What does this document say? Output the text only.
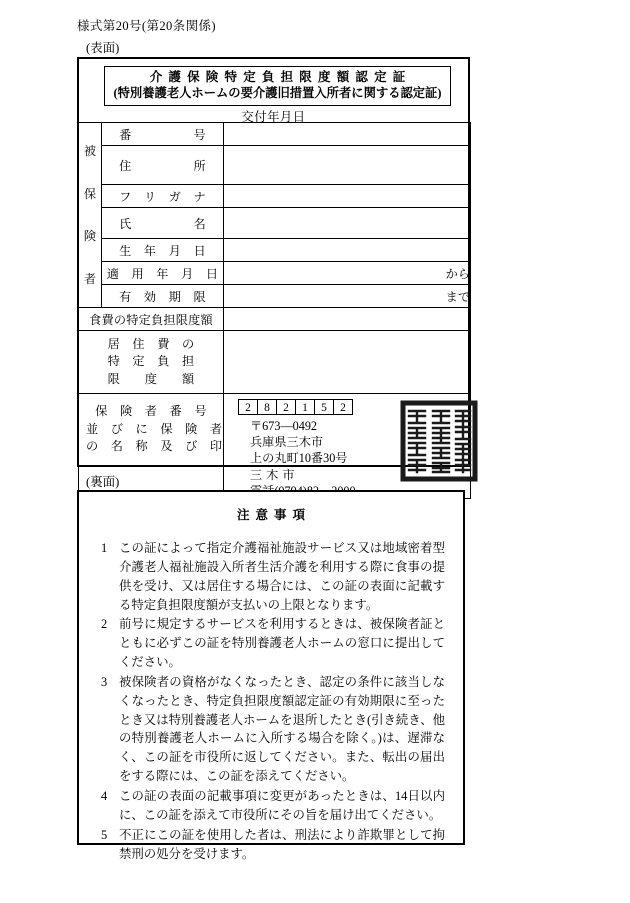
様式第20号(第20条関係)
(表面)
介護保険特定負担限度額認定証
(特別養護老人ホームの要介護旧措置入所者に関する認定証)
交付年月日
被
保
険
者	番　　　　　号	

	住　　　　　所	

	フ　リ　ガ　ナ	

	氏　　　　　名	

	生　年　月　日	

	適　用　年　月　日	から

	有　効　期　限	まで

食費の特定負担限度額		

居　住　費　の
特　定　負　担
限　　度　　額		

保　険　者　番　号
並　び　に　保　険　者
の　名　称　及　び　印

2	8	2	1	5	2
〒673—0492
兵庫県三木市
上の丸町10番30号
三木市
(裏面)
注意事項
1 この証によって指定介護福祉施設サービス又は地域密着型介護老人福祉施設入所者生活介護を利用する際に食事の提供を受け、又は居住する場合には、この証の表面に記載する特定負担限度額が支払いの上限となります。
2 前号に規定するサービスを利用するときは、被保険者証とともに必ずこの証を特別養護老人ホームの窓口に提出してください。
3 被保険者の資格がなくなったとき、認定の条件に該当しなくなったとき、特定負担限度額認定証の有効期限に至ったとき又は特別養護老人ホームを退所したとき(引き続き、他の特別養護老人ホームに入所する場合を除く。)は、遅滞なく、この証を市役所に返してください。また、転出の届出をする際には、この証を添えてください。
4 この証の表面の記載事項に変更があったときは、14日以内に、この証を添えて市役所にその旨を届け出てください。
5 不正にこの証を使用した者は、刑法により詐欺罪として拘禁刑の処分を受けます。
